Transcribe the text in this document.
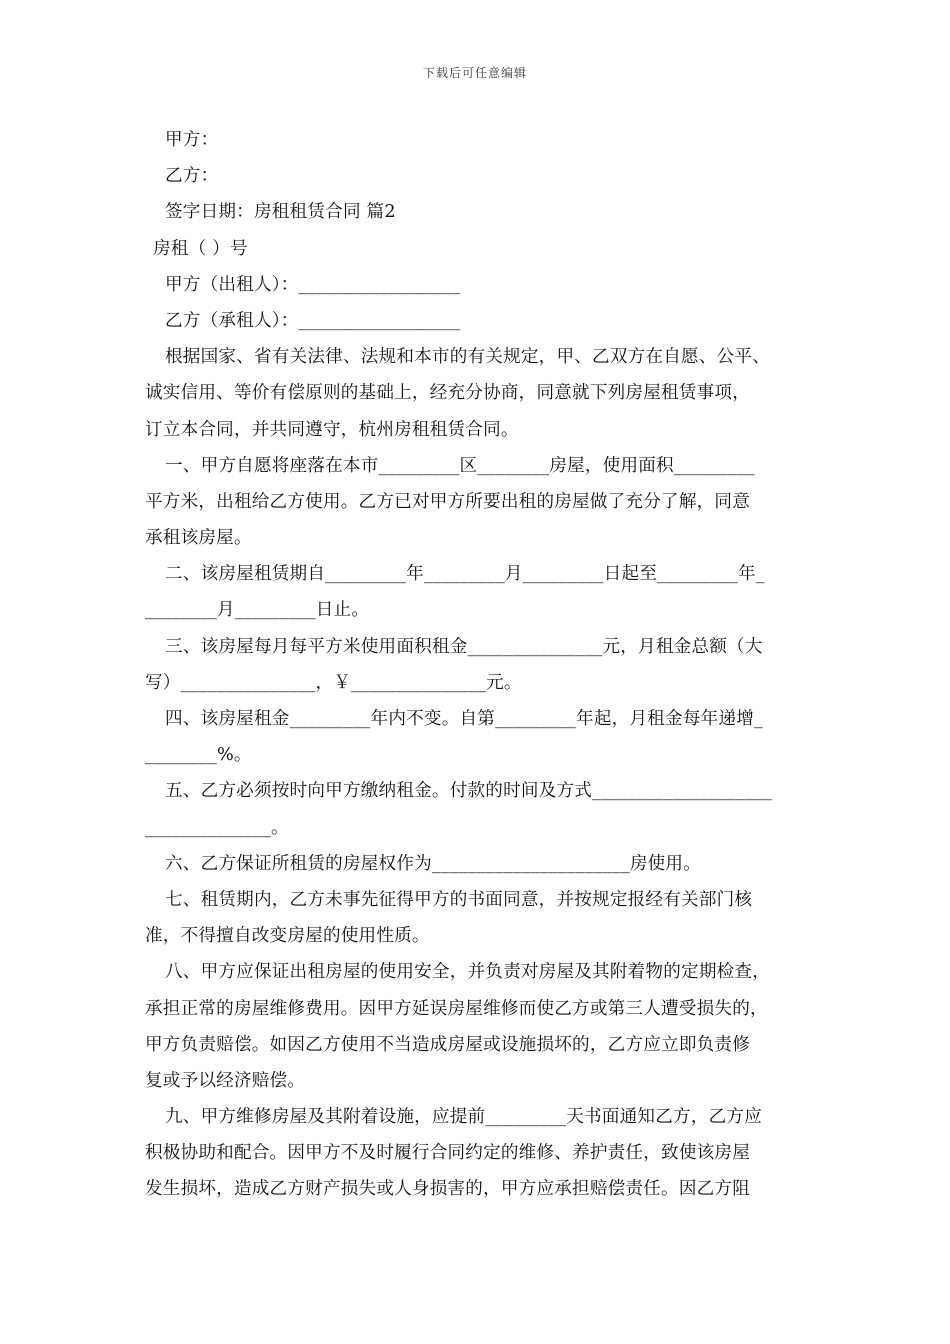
下载后可任意编辑
甲方：
乙方：
签字日期：房租租赁合同 篇2
房租（ ）号
甲方（出租人）：__________________
乙方（承租人）：__________________
根据国家、省有关法律、法规和本市的有关规定，甲、乙双方在自愿、公平、
诚实信用、等价有偿原则的基础上，经充分协商，同意就下列房屋租赁事项，
订立本合同，并共同遵守，杭州房租租赁合同。
一、甲方自愿将座落在本市_________区________房屋，使用面积_________
平方米，出租给乙方使用。乙方已对甲方所要出租的房屋做了充分了解，同意
承租该房屋。
二、该房屋租赁期自_________年_________月_________日起至_________年_
________月_________日止。
三、该房屋每月每平方米使用面积租金_______________元，月租金总额（大
写）_______________，￥_______________元。
四、该房屋租金_________年内不变。自第_________年起，月租金每年递增_
________%。
五、乙方必须按时向甲方缴纳租金。付款的时间及方式____________________
______________。
六、乙方保证所租赁的房屋权作为______________________房使用。
七、租赁期内，乙方未事先征得甲方的书面同意，并按规定报经有关部门核
准，不得擅自改变房屋的使用性质。
八、甲方应保证出租房屋的使用安全，并负责对房屋及其附着物的定期检查，
承担正常的房屋维修费用。因甲方延误房屋维修而使乙方或第三人遭受损失的，
甲方负责赔偿。如因乙方使用不当造成房屋或设施损坏的，乙方应立即负责修
复或予以经济赔偿。
九、甲方维修房屋及其附着设施，应提前_________天书面通知乙方，乙方应
积极协助和配合。因甲方不及时履行合同约定的维修、养护责任，致使该房屋
发生损坏，造成乙方财产损失或人身损害的，甲方应承担赔偿责任。因乙方阻
